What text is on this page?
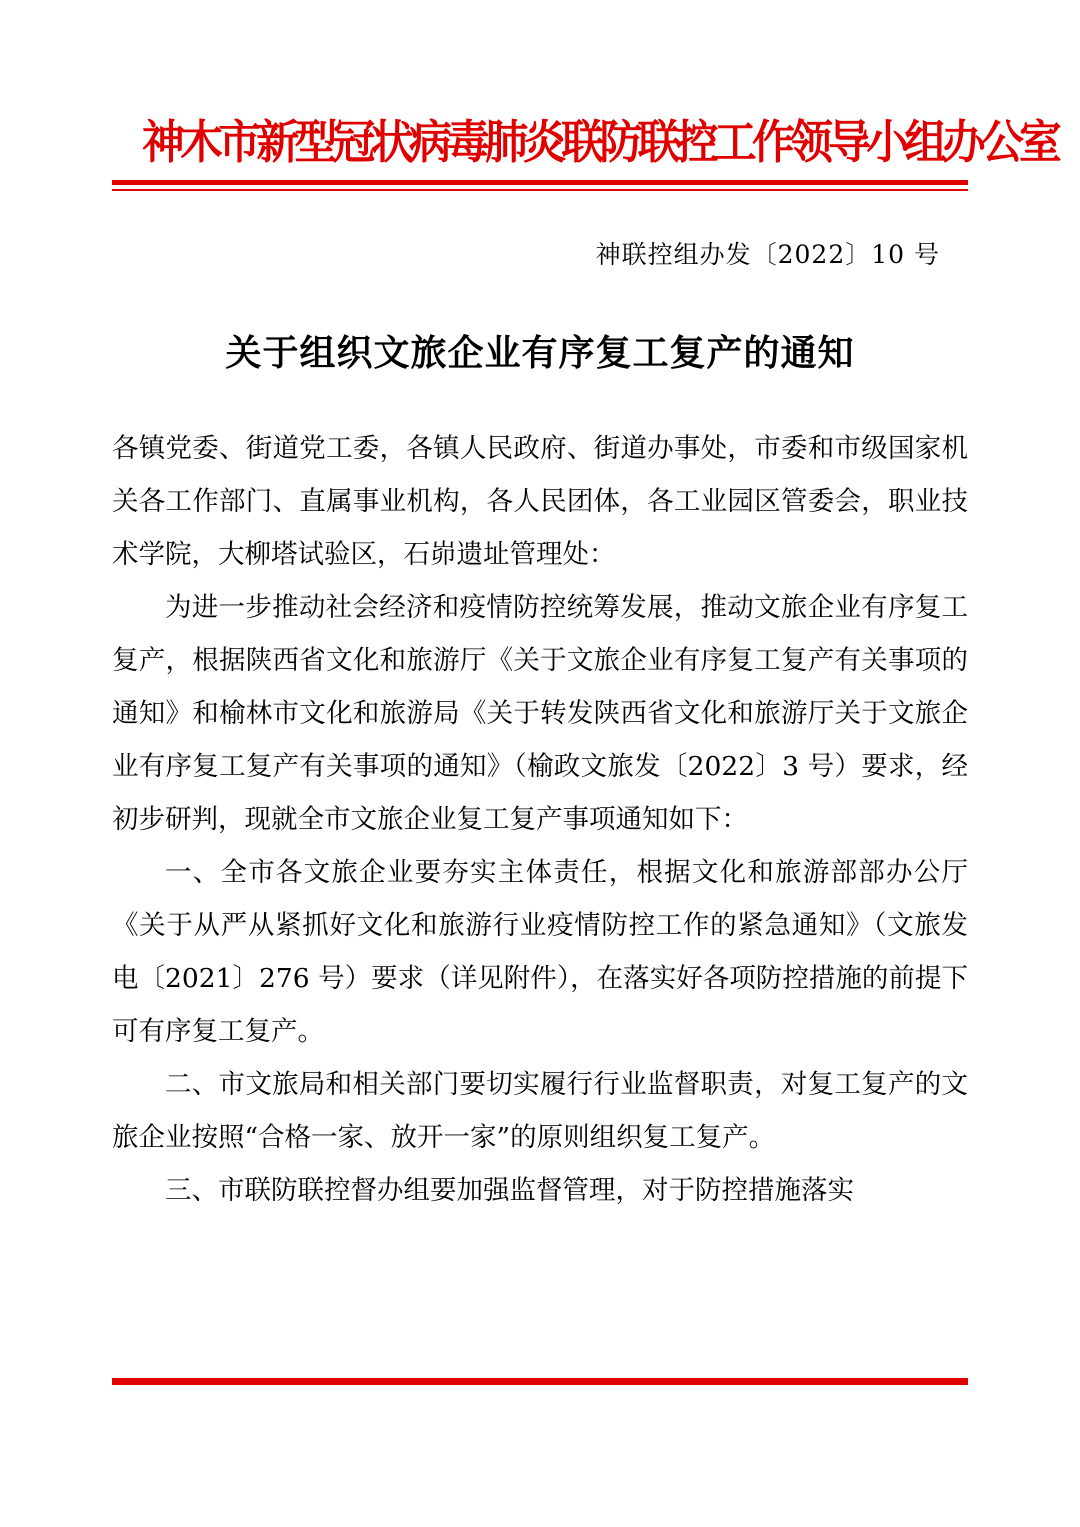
神木市新型冠状病毒肺炎联防联控工作领导小组办公室
神联控组办发〔2022〕10 号
关于组织文旅企业有序复工复产的通知

各镇党委、街道党工委，各镇人民政府、街道办事处，市委和市级国家机关各工作部门、直属事业机构，各人民团体，各工业园区管委会，职业技术学院，大柳塔试验区，石峁遗址管理处：

为进一步推动社会经济和疫情防控统筹发展，推动文旅企业有序复工复产，根据陕西省文化和旅游厅《关于文旅企业有序复工复产有关事项的通知》和榆林市文化和旅游局《关于转发陕西省文化和旅游厅关于文旅企业有序复工复产有关事项的通知》（榆政文旅发〔2022〕3 号）要求，经初步研判，现就全市文旅企业复工复产事项通知如下：

一、全市各文旅企业要夯实主体责任，根据文化和旅游部部办公厅《关于从严从紧抓好文化和旅游行业疫情防控工作的紧急通知》（文旅发电〔2021〕276 号）要求（详见附件），在落实好各项防控措施的前提下可有序复工复产。

二、市文旅局和相关部门要切实履行行业监督职责，对复工复产的文旅企业按照“合格一家、放开一家”的原则组织复工复产。

三、市联防联控督办组要加强监督管理，对于防控措施落实
